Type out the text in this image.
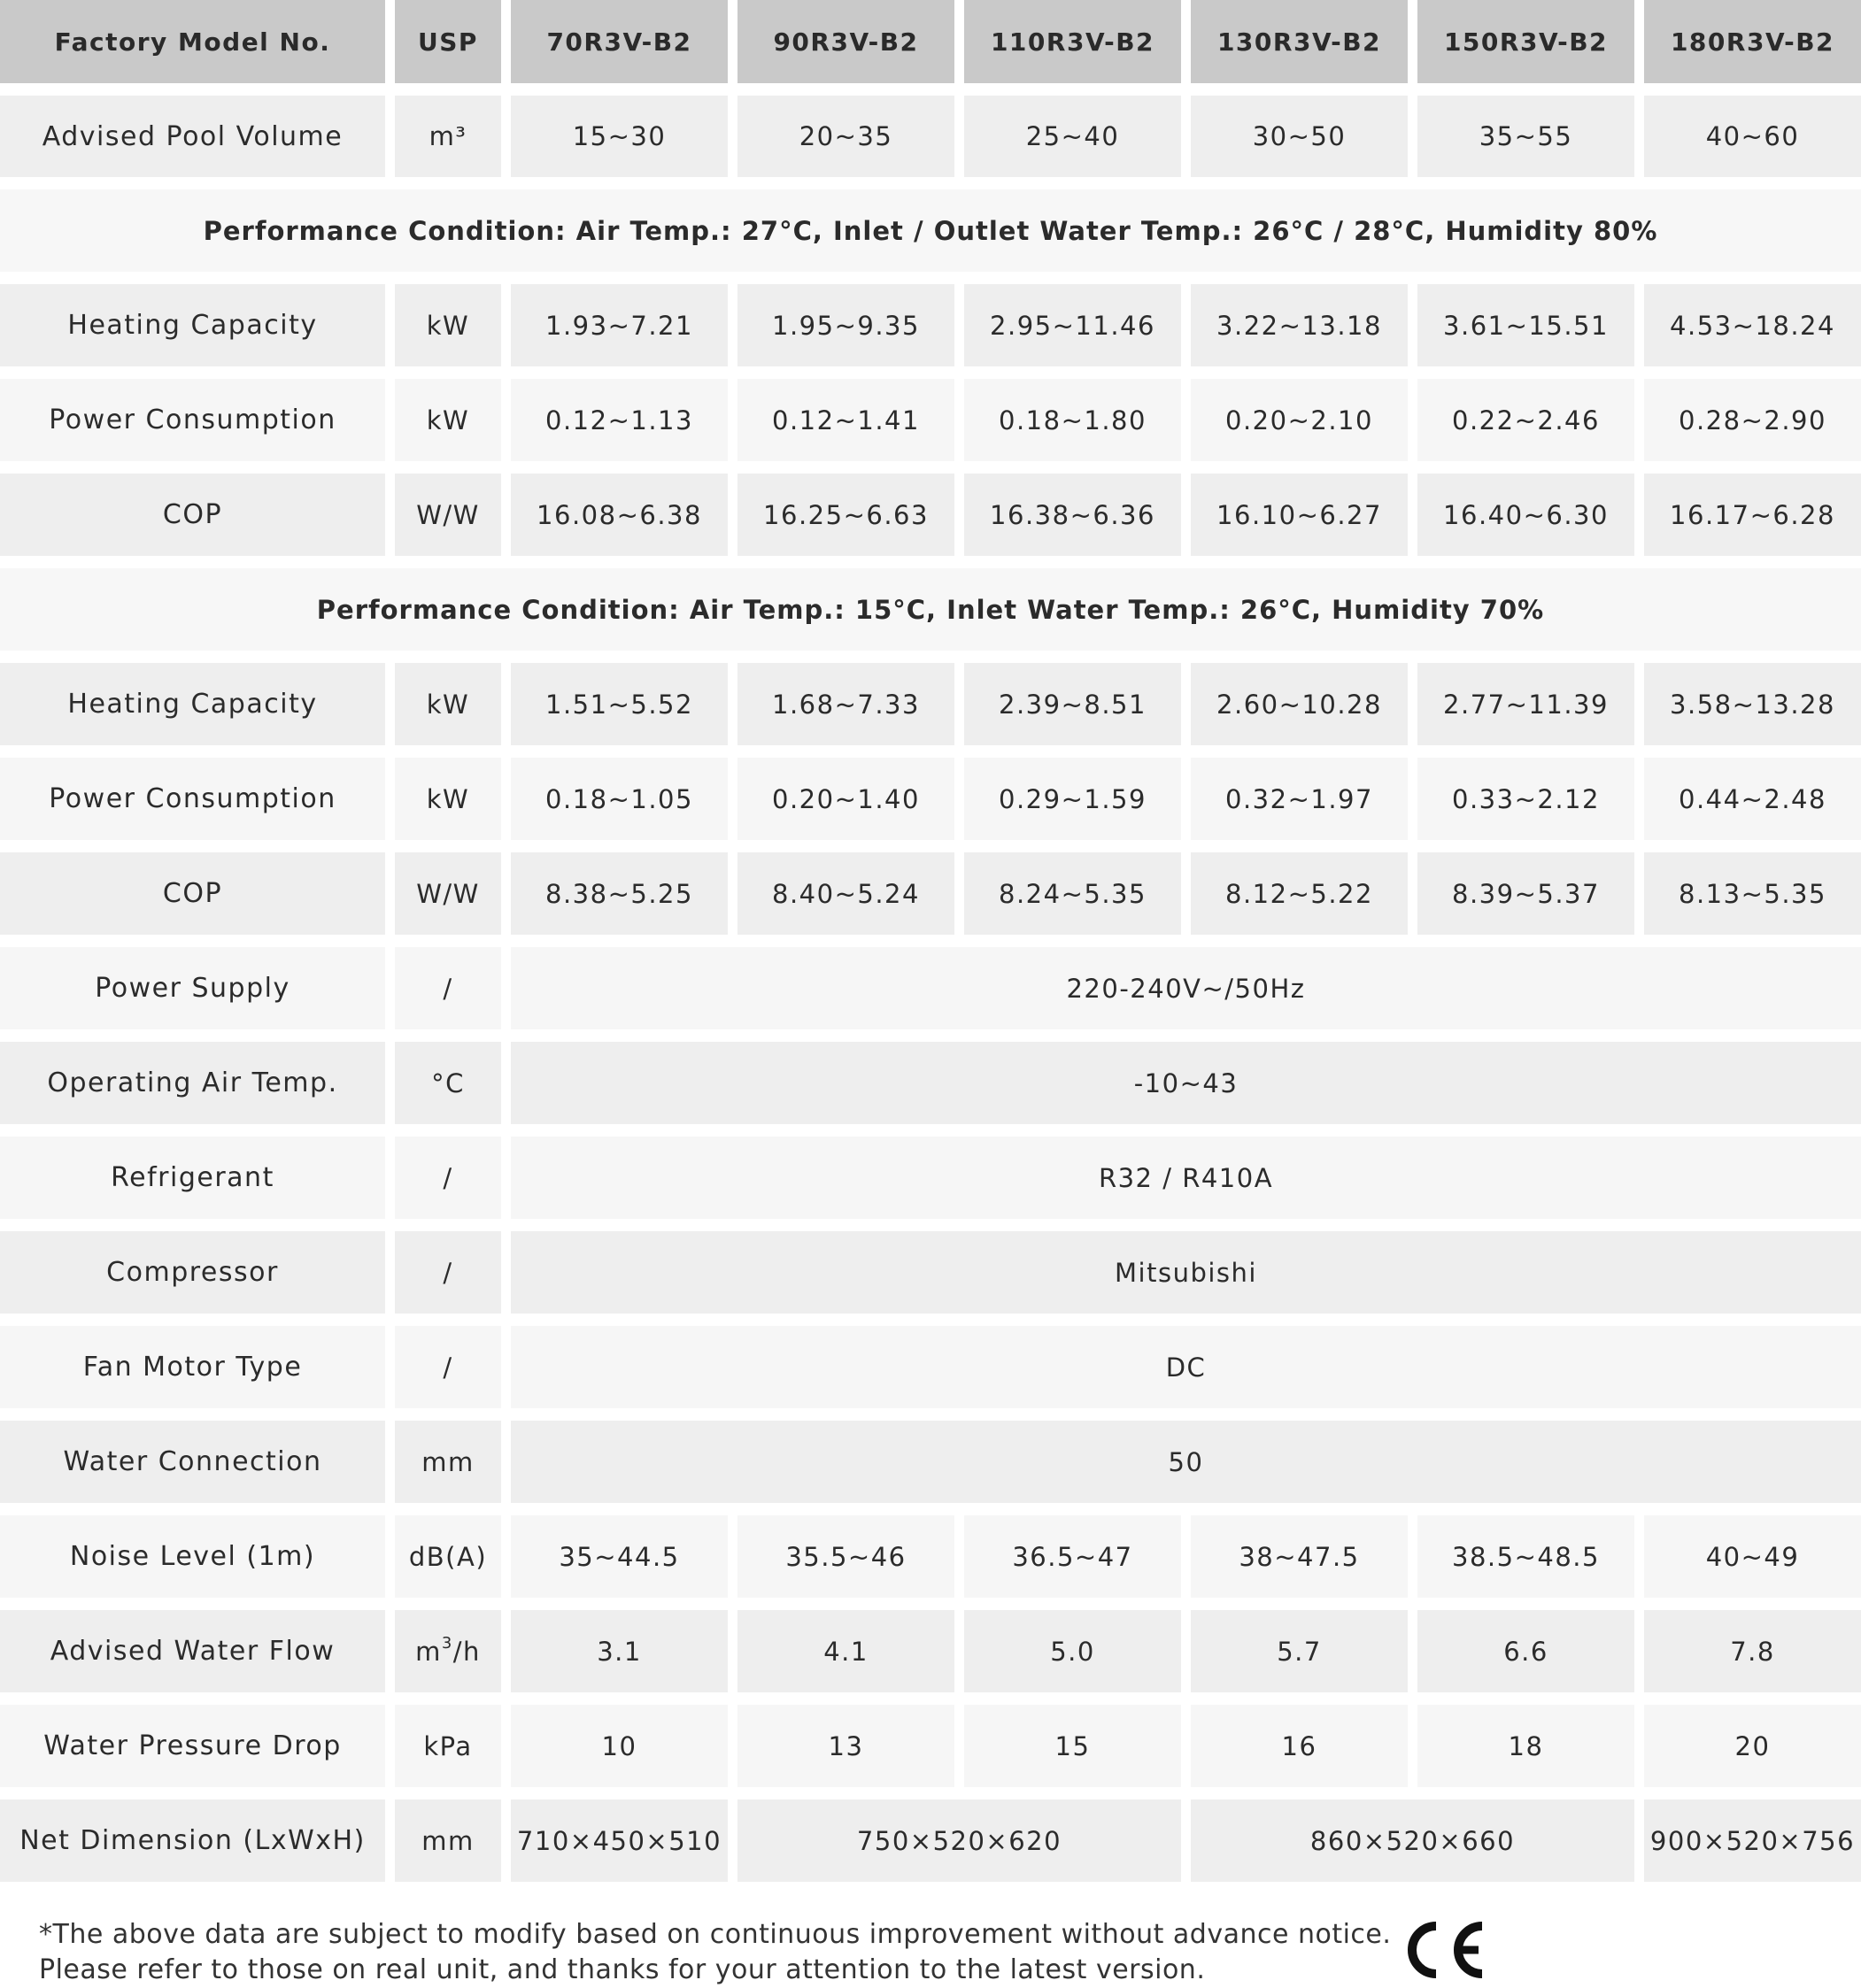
Factory Model No.	USP	70R3V-B2	90R3V-B2	110R3V-B2	130R3V-B2	150R3V-B2	180R3V-B2
Advised Pool Volume	m³	15~30	20~35	25~40	30~50	35~55	40~60
Performance Condition: Air Temp.: 27°C, Inlet / Outlet Water Temp.: 26°C / 28°C, Humidity 80%							
Heating Capacity	kW	1.93~7.21	1.95~9.35	2.95~11.46	3.22~13.18	3.61~15.51	4.53~18.24
Power Consumption	kW	0.12~1.13	0.12~1.41	0.18~1.80	0.20~2.10	0.22~2.46	0.28~2.90
COP	W/W	16.08~6.38	16.25~6.63	16.38~6.36	16.10~6.27	16.40~6.30	16.17~6.28
Performance Condition: Air Temp.: 15°C, Inlet Water Temp.: 26°C, Humidity 70%							
Heating Capacity	kW	1.51~5.52	1.68~7.33	2.39~8.51	2.60~10.28	2.77~11.39	3.58~13.28
Power Consumption	kW	0.18~1.05	0.20~1.40	0.29~1.59	0.32~1.97	0.33~2.12	0.44~2.48
COP	W/W	8.38~5.25	8.40~5.24	8.24~5.35	8.12~5.22	8.39~5.37	8.13~5.35
Power Supply	/	220-240V~/50Hz					
Operating Air Temp.	°C	-10~43					
Refrigerant	/	R32 / R410A					
Compressor	/	Mitsubishi					
Fan Motor Type	/	DC					
Water Connection	mm	50					
Noise Level (1m)	dB(A)	35~44.5	35.5~46	36.5~47	38~47.5	38.5~48.5	40~49
Advised Water Flow	$m^3/h$	3.1	4.1	5.0	5.7	6.6	7.8
Water Pressure Drop	kPa	10	13	15	16	18	20
Net Dimension (LxWxH)	mm	710×450×510	750×520×620		860×520×660		900×520×756
*The above data are subject to modify based on continuous improvement without advance notice.
Please refer to those on real unit, and thanks for your attention to the latest version.
